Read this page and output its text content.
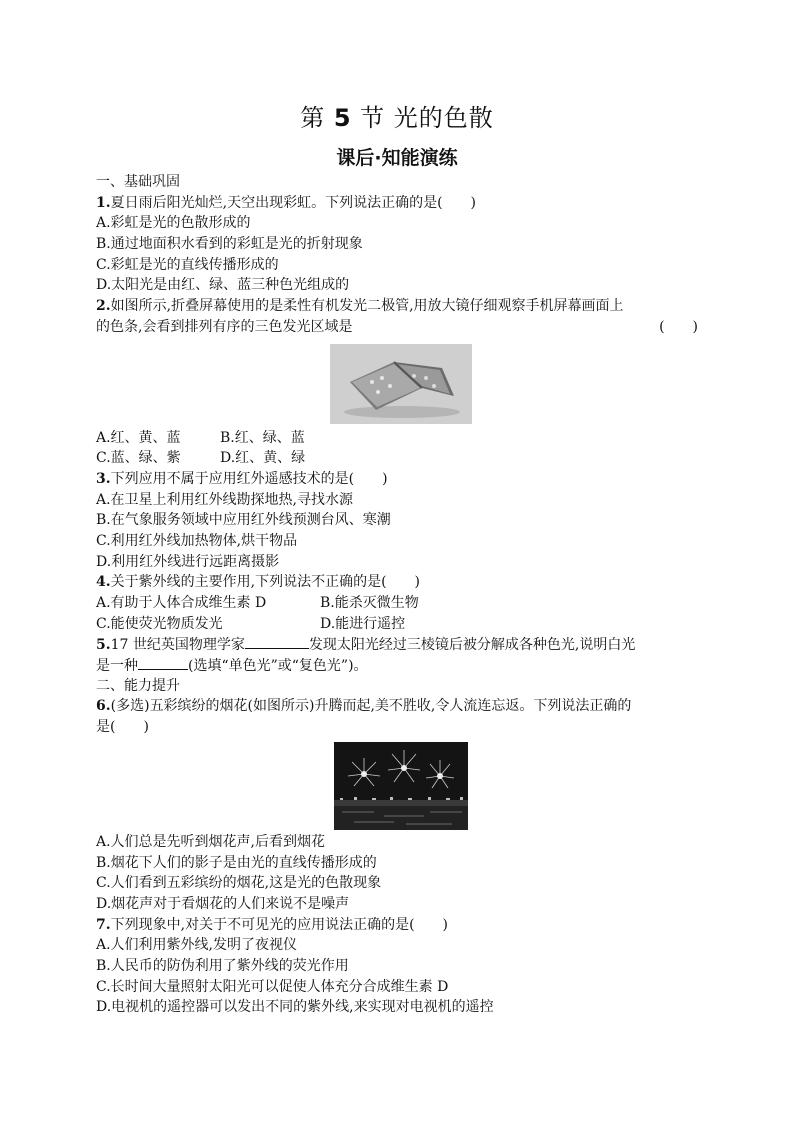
第 5 节 光的色散
课后·知能演练
一、基础巩固
1.夏日雨后阳光灿烂,天空出现彩虹。下列说法正确的是(　　)
A.彩虹是光的色散形成的
B.通过地面积水看到的彩虹是光的折射现象
C.彩虹是光的直线传播形成的
D.太阳光是由红、绿、蓝三种色光组成的
2.如图所示,折叠屏幕使用的是柔性有机发光二极管,用放大镜仔细观察手机屏幕画面上
的色条,会看到排列有序的三色发光区域是	(　　)
A.红、黄、蓝	B.红、绿、蓝
C.蓝、绿、紫	D.红、黄、绿
3.下列应用不属于应用红外遥感技术的是(　　)
A.在卫星上利用红外线勘探地热,寻找水源
B.在气象服务领域中应用红外线预测台风、寒潮
C.利用红外线加热物体,烘干物品
D.利用红外线进行远距离摄影
4.关于紫外线的主要作用,下列说法不正确的是(　　)
A.有助于人体合成维生素 D	B.能杀灭微生物
C.能使荧光物质发光	D.能进行遥控
5.17 世纪英国物理学家	发现太阳光经过三棱镜后被分解成各种色光,说明白光
是一种	(选填“单色光”或“复色光”)。
二、能力提升
6.(多选)五彩缤纷的烟花(如图所示)升腾而起,美不胜收,令人流连忘返。下列说法正确的
是(　　)
A.人们总是先听到烟花声,后看到烟花
B.烟花下人们的影子是由光的直线传播形成的
C.人们看到五彩缤纷的烟花,这是光的色散现象
D.烟花声对于看烟花的人们来说不是噪声
7.下列现象中,对关于不可见光的应用说法正确的是(　　)
A.人们利用紫外线,发明了夜视仪
B.人民币的防伪利用了紫外线的荧光作用
C.长时间大量照射太阳光可以促使人体充分合成维生素 D
D.电视机的遥控器可以发出不同的紫外线,来实现对电视机的遥控
